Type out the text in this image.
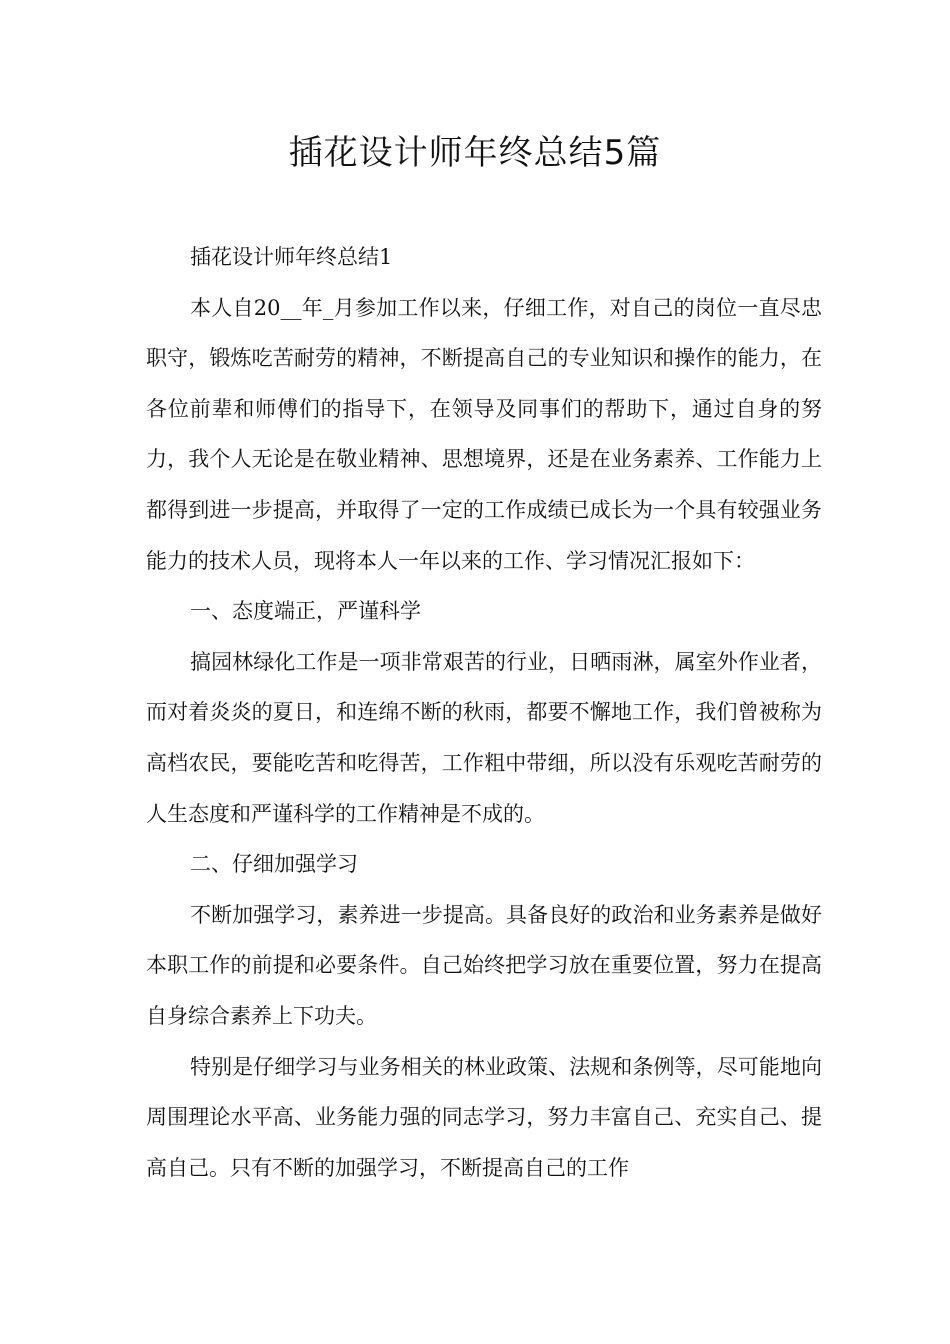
插花设计师年终总结5篇

插花设计师年终总结1

本人自20__年_月参加工作以来，仔细工作，对自己的岗位一直尽忠职守，锻炼吃苦耐劳的精神，不断提高自己的专业知识和操作的能力，在各位前辈和师傅们的指导下，在领导及同事们的帮助下，通过自身的努力，我个人无论是在敬业精神、思想境界，还是在业务素养、工作能力上都得到进一步提高，并取得了一定的工作成绩已成长为一个具有较强业务能力的技术人员，现将本人一年以来的工作、学习情况汇报如下：

一、态度端正，严谨科学

搞园林绿化工作是一项非常艰苦的行业，日晒雨淋，属室外作业者，而对着炎炎的夏日，和连绵不断的秋雨，都要不懈地工作，我们曾被称为高档农民，要能吃苦和吃得苦，工作粗中带细，所以没有乐观吃苦耐劳的人生态度和严谨科学的工作精神是不成的。

二、仔细加强学习

不断加强学习，素养进一步提高。具备良好的政治和业务素养是做好本职工作的前提和必要条件。自己始终把学习放在重要位置，努力在提高自身综合素养上下功夫。

特别是仔细学习与业务相关的林业政策、法规和条例等，尽可能地向周围理论水平高、业务能力强的同志学习，努力丰富自己、充实自己、提高自己。只有不断的加强学习，不断提高自己的工作
